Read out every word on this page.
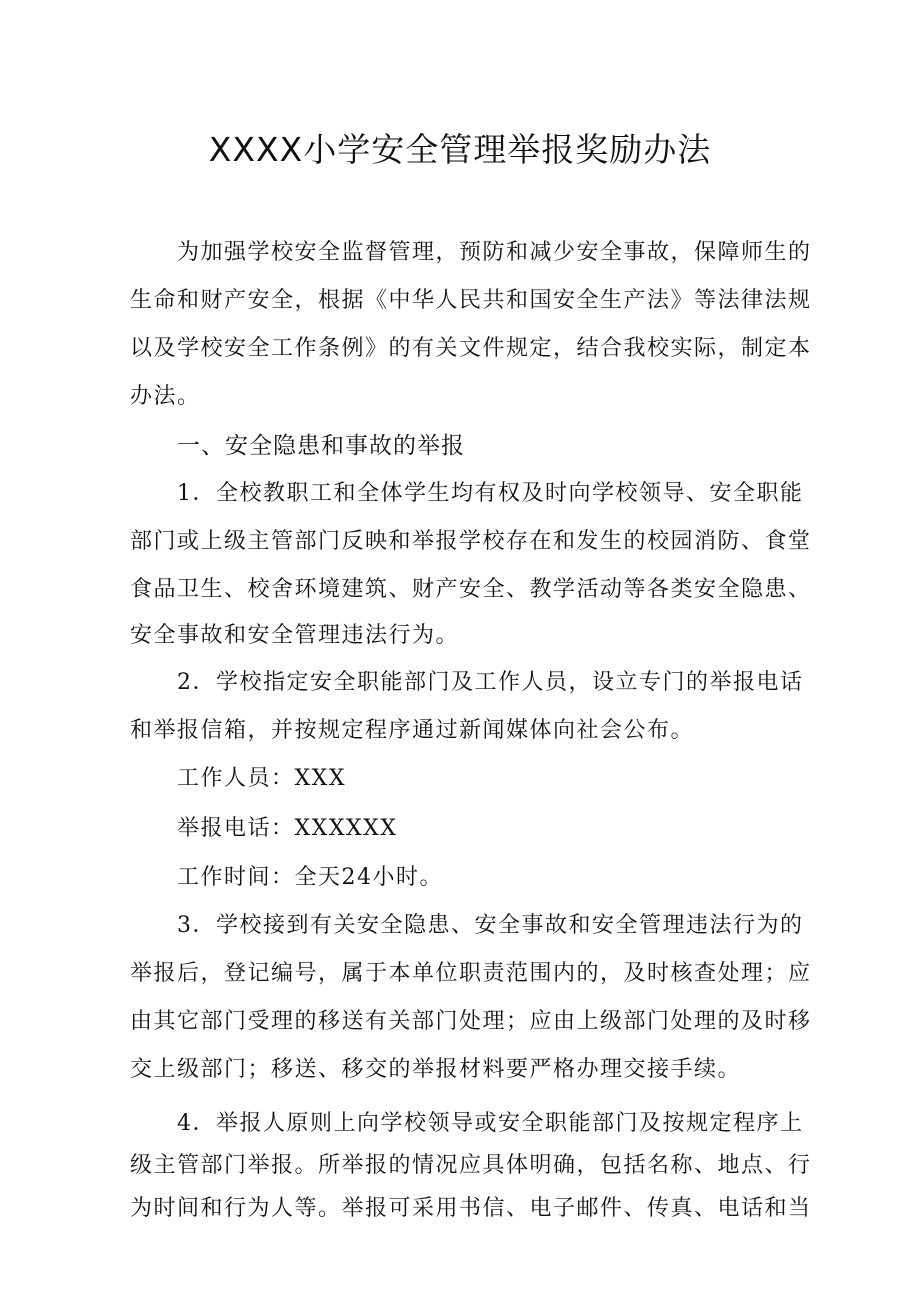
XXXX小学安全管理举报奖励办法
为加强学校安全监督管理，预防和减少安全事故，保障师生的
生命和财产安全，根据《中华人民共和国安全生产法》等法律法规
以及学校安全工作条例》的有关文件规定，结合我校实际，制定本
办法。
一、安全隐患和事故的举报
1．全校教职工和全体学生均有权及时向学校领导、安全职能
部门或上级主管部门反映和举报学校存在和发生的校园消防、食堂
食品卫生、校舍环境建筑、财产安全、教学活动等各类安全隐患、
安全事故和安全管理违法行为。
2．学校指定安全职能部门及工作人员，设立专门的举报电话
和举报信箱，并按规定程序通过新闻媒体向社会公布。
工作人员：XXX
举报电话：XXXXXX
工作时间：全天24小时。
3．学校接到有关安全隐患、安全事故和安全管理违法行为的
举报后，登记编号，属于本单位职责范围内的，及时核查处理；应
由其它部门受理的移送有关部门处理；应由上级部门处理的及时移
交上级部门；移送、移交的举报材料要严格办理交接手续。
4．举报人原则上向学校领导或安全职能部门及按规定程序上
级主管部门举报。所举报的情况应具体明确，包括名称、地点、行
为时间和行为人等。举报可采用书信、电子邮件、传真、电话和当
